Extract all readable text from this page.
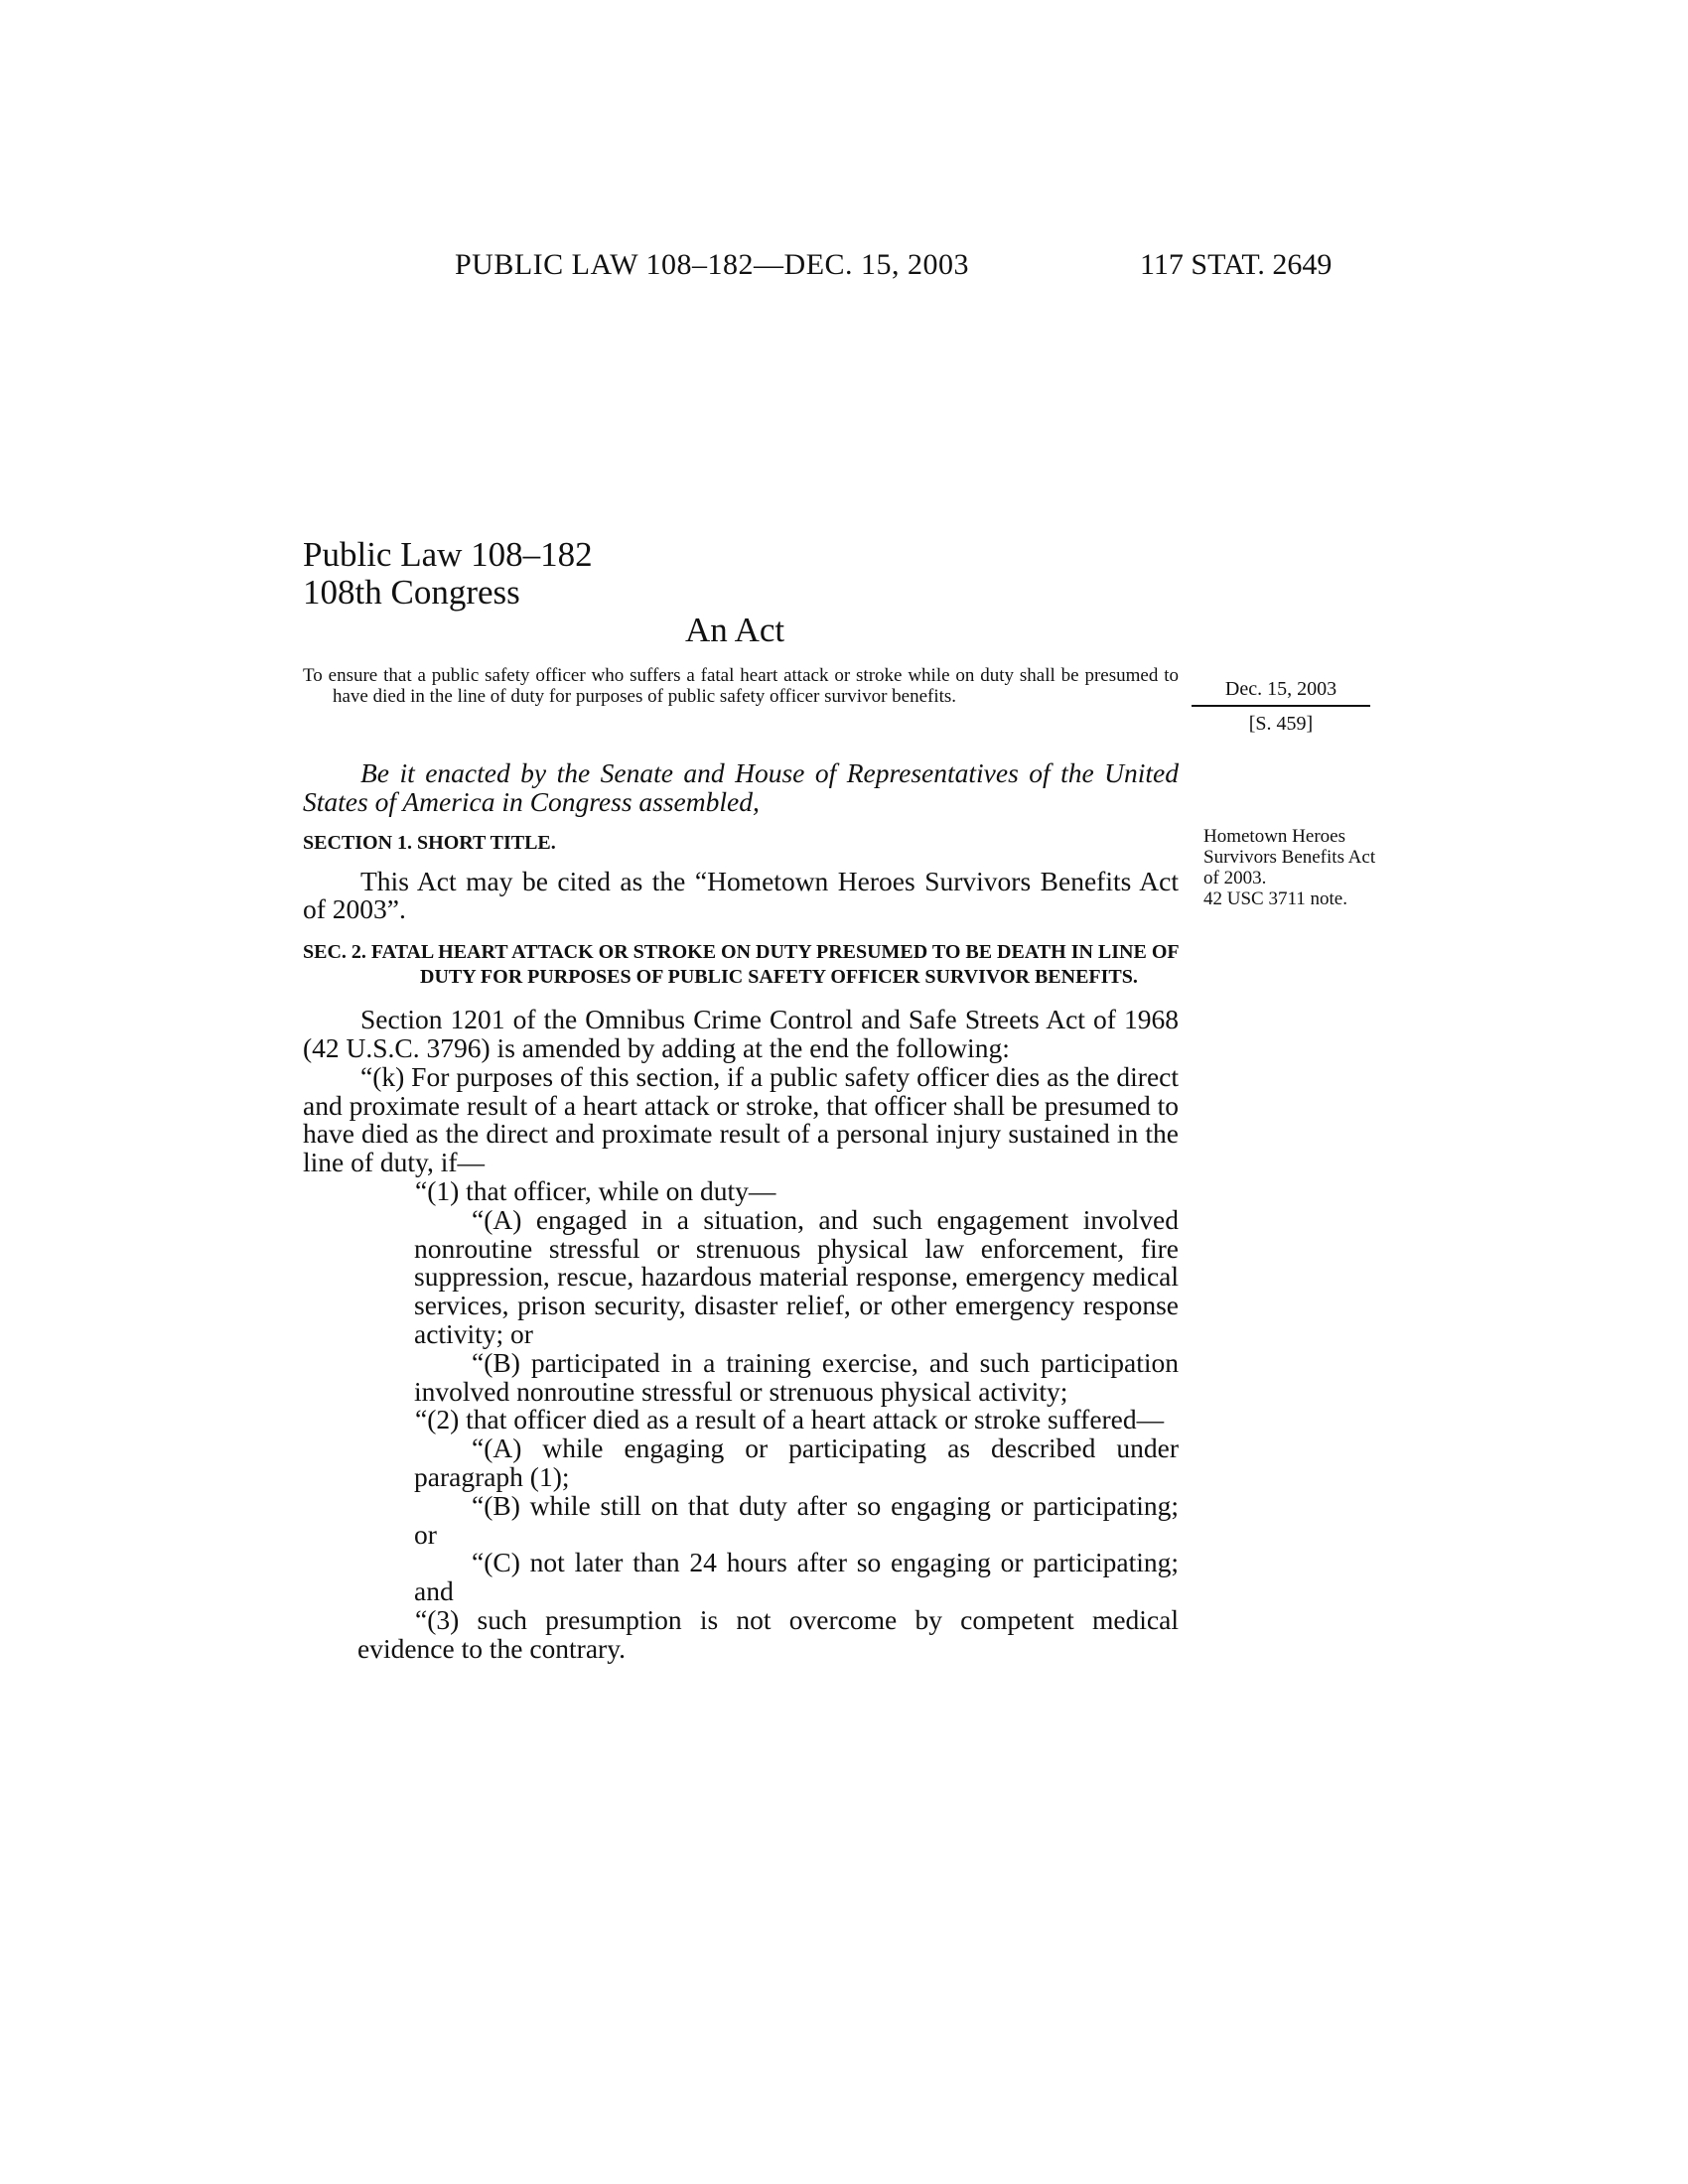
PUBLIC LAW 108–182—DEC. 15, 2003	117 STAT. 2649
Public Law 108–182
108th Congress
An Act
To ensure that a public safety officer who suffers a fatal heart attack or stroke while on duty shall be presumed to have died in the line of duty for purposes of public safety officer survivor benefits.	Dec. 15, 2003
[S. 459]
Hometown Heroes Survivors Benefits Act of 2003.
42 USC 3711 note.

Be it enacted by the Senate and House of Representatives of the United States of America in Congress assembled,

SECTION 1. SHORT TITLE.

This Act may be cited as the “Hometown Heroes Survivors Benefits Act of 2003”.

SEC. 2. FATAL HEART ATTACK OR STROKE ON DUTY PRESUMED TO BE DEATH IN LINE OF DUTY FOR PURPOSES OF PUBLIC SAFETY OFFICER SURVIVOR BENEFITS.

Section 1201 of the Omnibus Crime Control and Safe Streets Act of 1968 (42 U.S.C. 3796) is amended by adding at the end the following:

“(k) For purposes of this section, if a public safety officer dies as the direct and proximate result of a heart attack or stroke, that officer shall be presumed to have died as the direct and proximate result of a personal injury sustained in the line of duty, if—

“(1) that officer, while on duty—

“(A) engaged in a situation, and such engagement involved nonroutine stressful or strenuous physical law enforcement, fire suppression, rescue, hazardous material response, emergency medical services, prison security, disaster relief, or other emergency response activity; or

“(B) participated in a training exercise, and such participation involved nonroutine stressful or strenuous physical activity;

“(2) that officer died as a result of a heart attack or stroke suffered—

“(A) while engaging or participating as described under paragraph (1);

“(B) while still on that duty after so engaging or participating; or

“(C) not later than 24 hours after so engaging or participating; and

“(3) such presumption is not overcome by competent medical evidence to the contrary.
